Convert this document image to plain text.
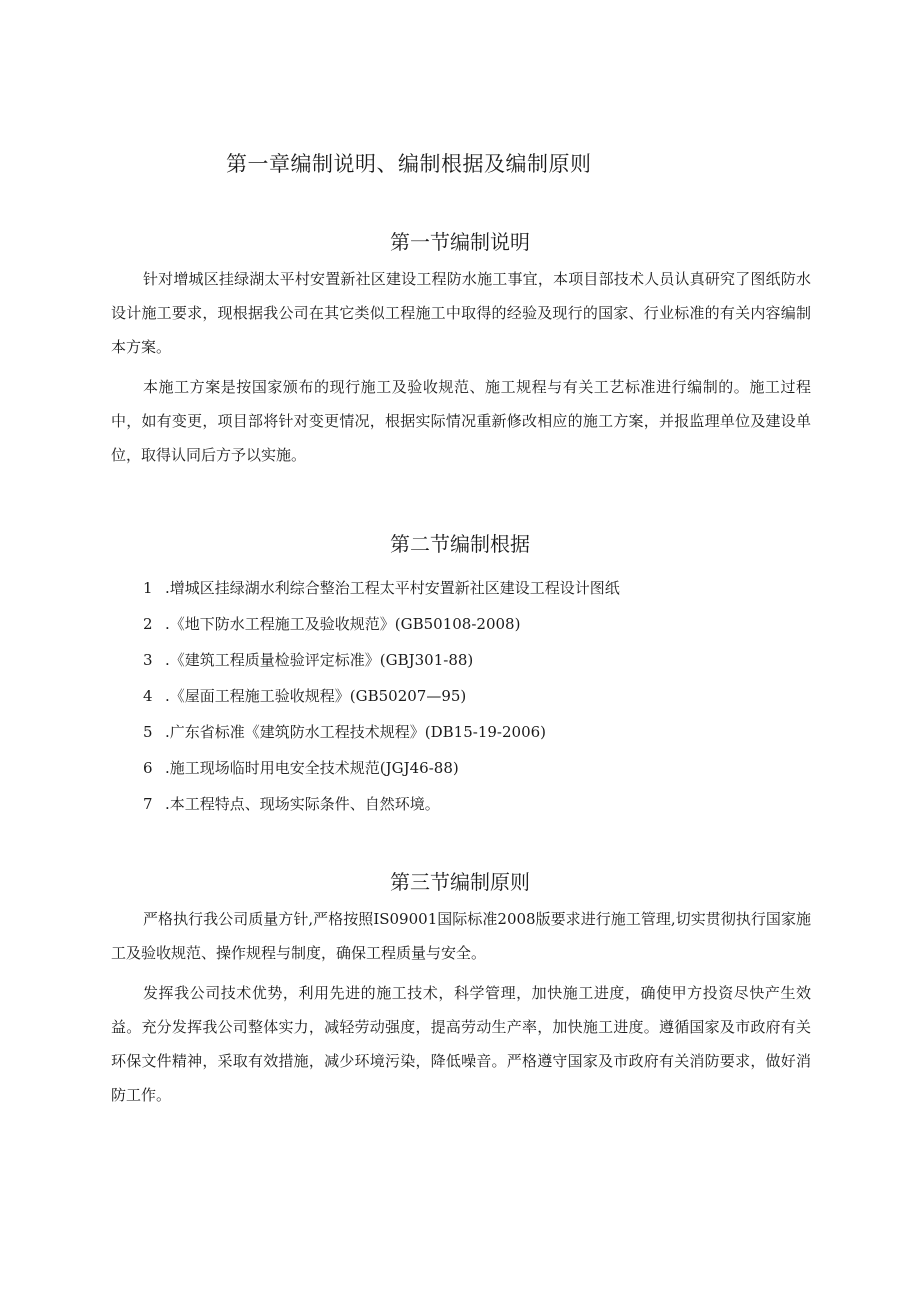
第一章编制说明、编制根据及编制原则
第一节编制说明

针对增城区挂绿湖太平村安置新社区建设工程防水施工事宜，本项目部技术人员认真研究了图纸防水设计施工要求，现根据我公司在其它类似工程施工中取得的经验及现行的国家、行业标准的有关内容编制本方案。

本施工方案是按国家颁布的现行施工及验收规范、施工规程与有关工艺标准进行编制的。施工过程中，如有变更，项目部将针对变更情况，根据实际情况重新修改相应的施工方案，并报监理单位及建设单位，取得认同后方予以实施。

第二节编制根据
1 .增城区挂绿湖水利综合整治工程太平村安置新社区建设工程设计图纸
2 .《地下防水工程施工及验收规范》(GB50108-2008)
3 .《建筑工程质量检验评定标准》(GBJ301-88)
4 .《屋面工程施工验收规程》(GB50207—95)
5 .广东省标准《建筑防水工程技术规程》(DB15-19-2006)
6 .施工现场临时用电安全技术规范(JGJ46-88)
7 .本工程特点、现场实际条件、自然环境。
第三节编制原则

严格执行我公司质量方针,严格按照IS09001国际标准2008版要求进行施工管理,切实贯彻执行国家施工及验收规范、操作规程与制度，确保工程质量与安全。

发挥我公司技术优势，利用先进的施工技术，科学管理，加快施工进度，确使甲方投资尽快产生效益。充分发挥我公司整体实力，减轻劳动强度，提高劳动生产率，加快施工进度。遵循国家及市政府有关环保文件精神，采取有效措施，减少环境污染，降低噪音。严格遵守国家及市政府有关消防要求，做好消防工作。
